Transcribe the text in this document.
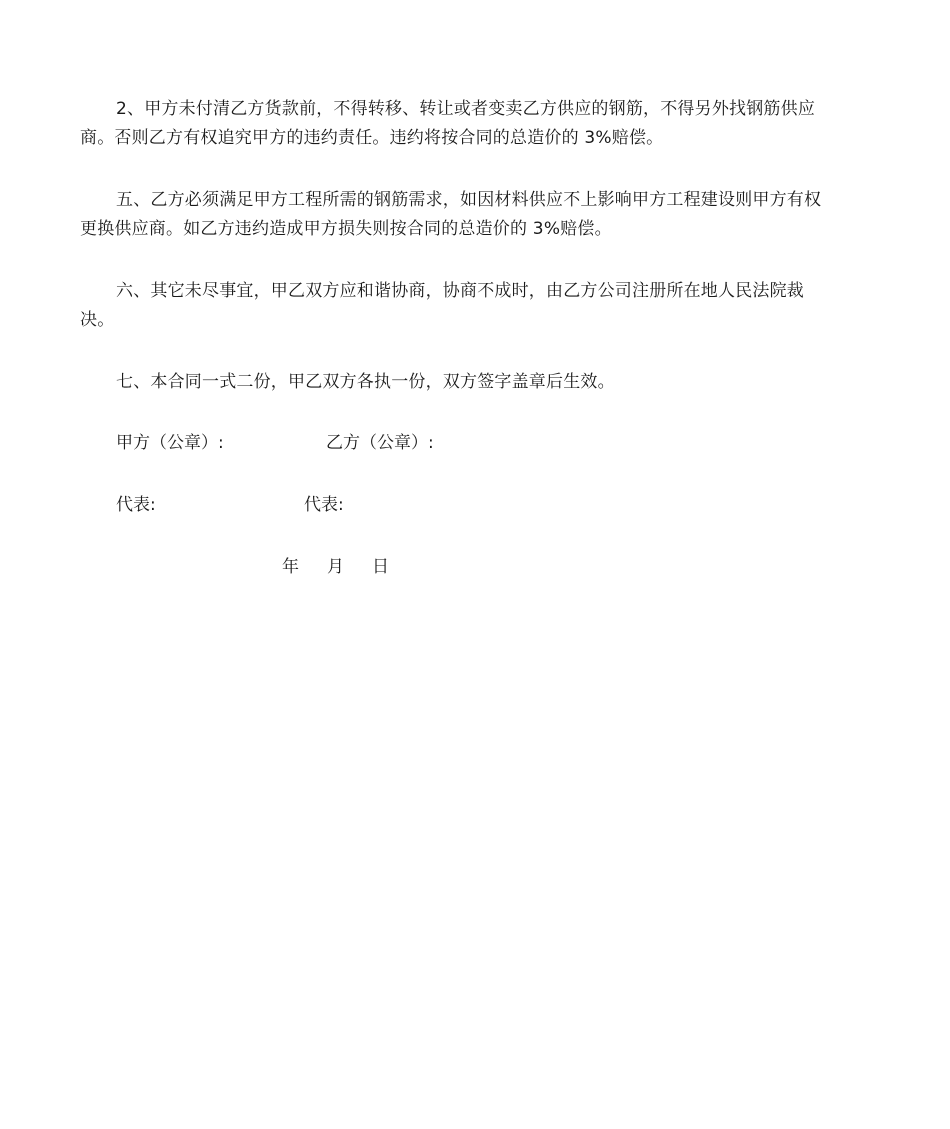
2、甲方未付清乙方货款前，不得转移、转让或者变卖乙方供应的钢筋，不得另外找钢筋供应商。否则乙方有权追究甲方的违约责任。违约将按合同的总造价的 3%赔偿。

五、乙方必须满足甲方工程所需的钢筋需求，如因材料供应不上影响甲方工程建设则甲方有权更换供应商。如乙方违约造成甲方损失则按合同的总造价的 3%赔偿。

六、其它未尽事宜，甲乙双方应和谐协商，协商不成时，由乙方公司注册所在地人民法院裁决。

七、本合同一式二份，甲乙双方各执一份，双方签字盖章后生效。

甲方（公章）:	乙方（公章）:
代表:	代表:
年 月 日
